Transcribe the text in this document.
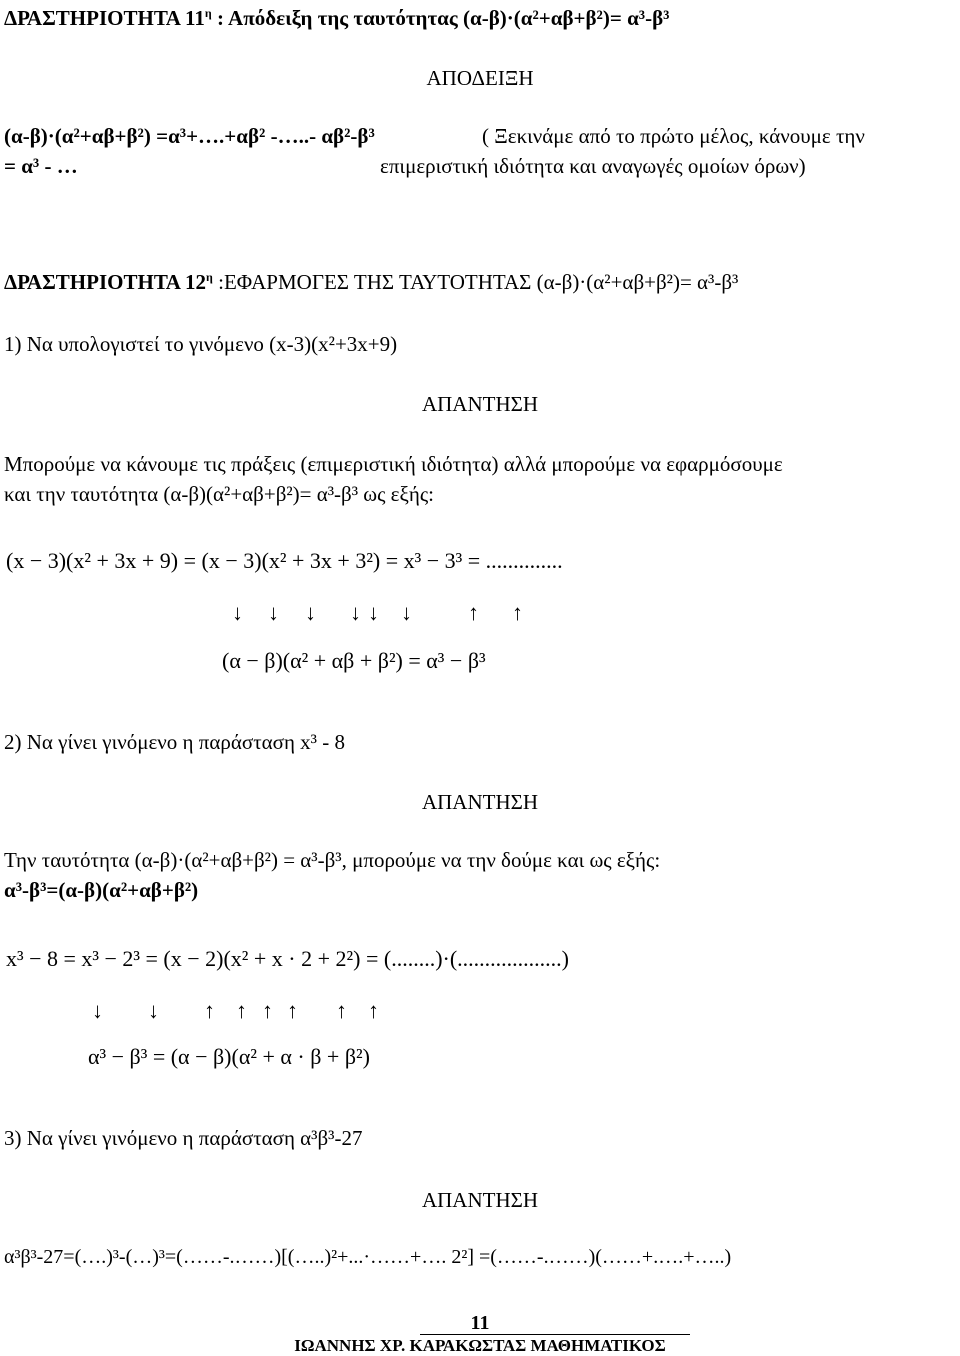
ΔΡΑΣΤΗΡΙΟΤΗΤΑ $11^\eta$ : Απόδειξη της ταυτότητας (α-β)·(α²+αβ+β²)= α³-β³
ΑΠΟΔΕΙΞΗ
(α-β)·(α²+αβ+β²) =α³+….+αβ² -…..- αβ²-β³
= α³ - …
( Ξεκινάμε από το πρώτο μέλος, κάνουμε την
επιμεριστική ιδιότητα και αναγωγές ομοίων όρων)
ΔΡΑΣΤΗΡΙΟΤΗΤΑ $12^\eta$ :ΕΦΑΡΜΟΓΕΣ ΤΗΣ ΤΑΥΤΟΤΗΤΑΣ (α-β)·(α²+αβ+β²)= α³-β³
1) Να υπολογιστεί το γινόμενο (x-3)(x²+3x+9)
ΑΠΑΝΤΗΣΗ
Μπορούμε να κάνουμε τις πράξεις (επιμεριστική ιδιότητα) αλλά μπορούμε να εφαρμόσουμε
και την ταυτότητα (α-β)(α²+αβ+β²)= α³-β³ ως εξής:
(x − 3)(x² + 3x + 9) = (x − 3)(x² + 3x + 3²) = x³ − 3³ = ..............
↓ ↓ ↓ ↓ ↓ ↓	↑ ↑
(α − β)(α² + αβ + β²) = α³ − β³
2) Να γίνει γινόμενο η παράσταση x³ - 8
ΑΠΑΝΤΗΣΗ
Την ταυτότητα (α-β)·(α²+αβ+β²) = α³-β³, μπορούμε να την δούμε και ως εξής:
α³-β³=(α-β)(α²+αβ+β²)
x³ − 8 = x³ − 2³ = (x − 2)(x² + x · 2 + 2²) = (........)·(...................)
↓ ↓ ↑ ↑ ↑ ↑ ↑ ↑
α³ − β³ = (α − β)(α² + α · β + β²)
3) Να γίνει γινόμενο η παράσταση α³β³-27
ΑΠΑΝΤΗΣΗ
α³β³-27=(….)³-(…)³=(……-.……)[(…..)²+...·……+…. 2²] =(……-.……)(……+.….+…..)
11
ΙΩΑΝΝΗΣ ΧΡ. ΚΑΡΑΚΩΣΤΑΣ ΜΑΘΗΜΑΤΙΚΟΣ
